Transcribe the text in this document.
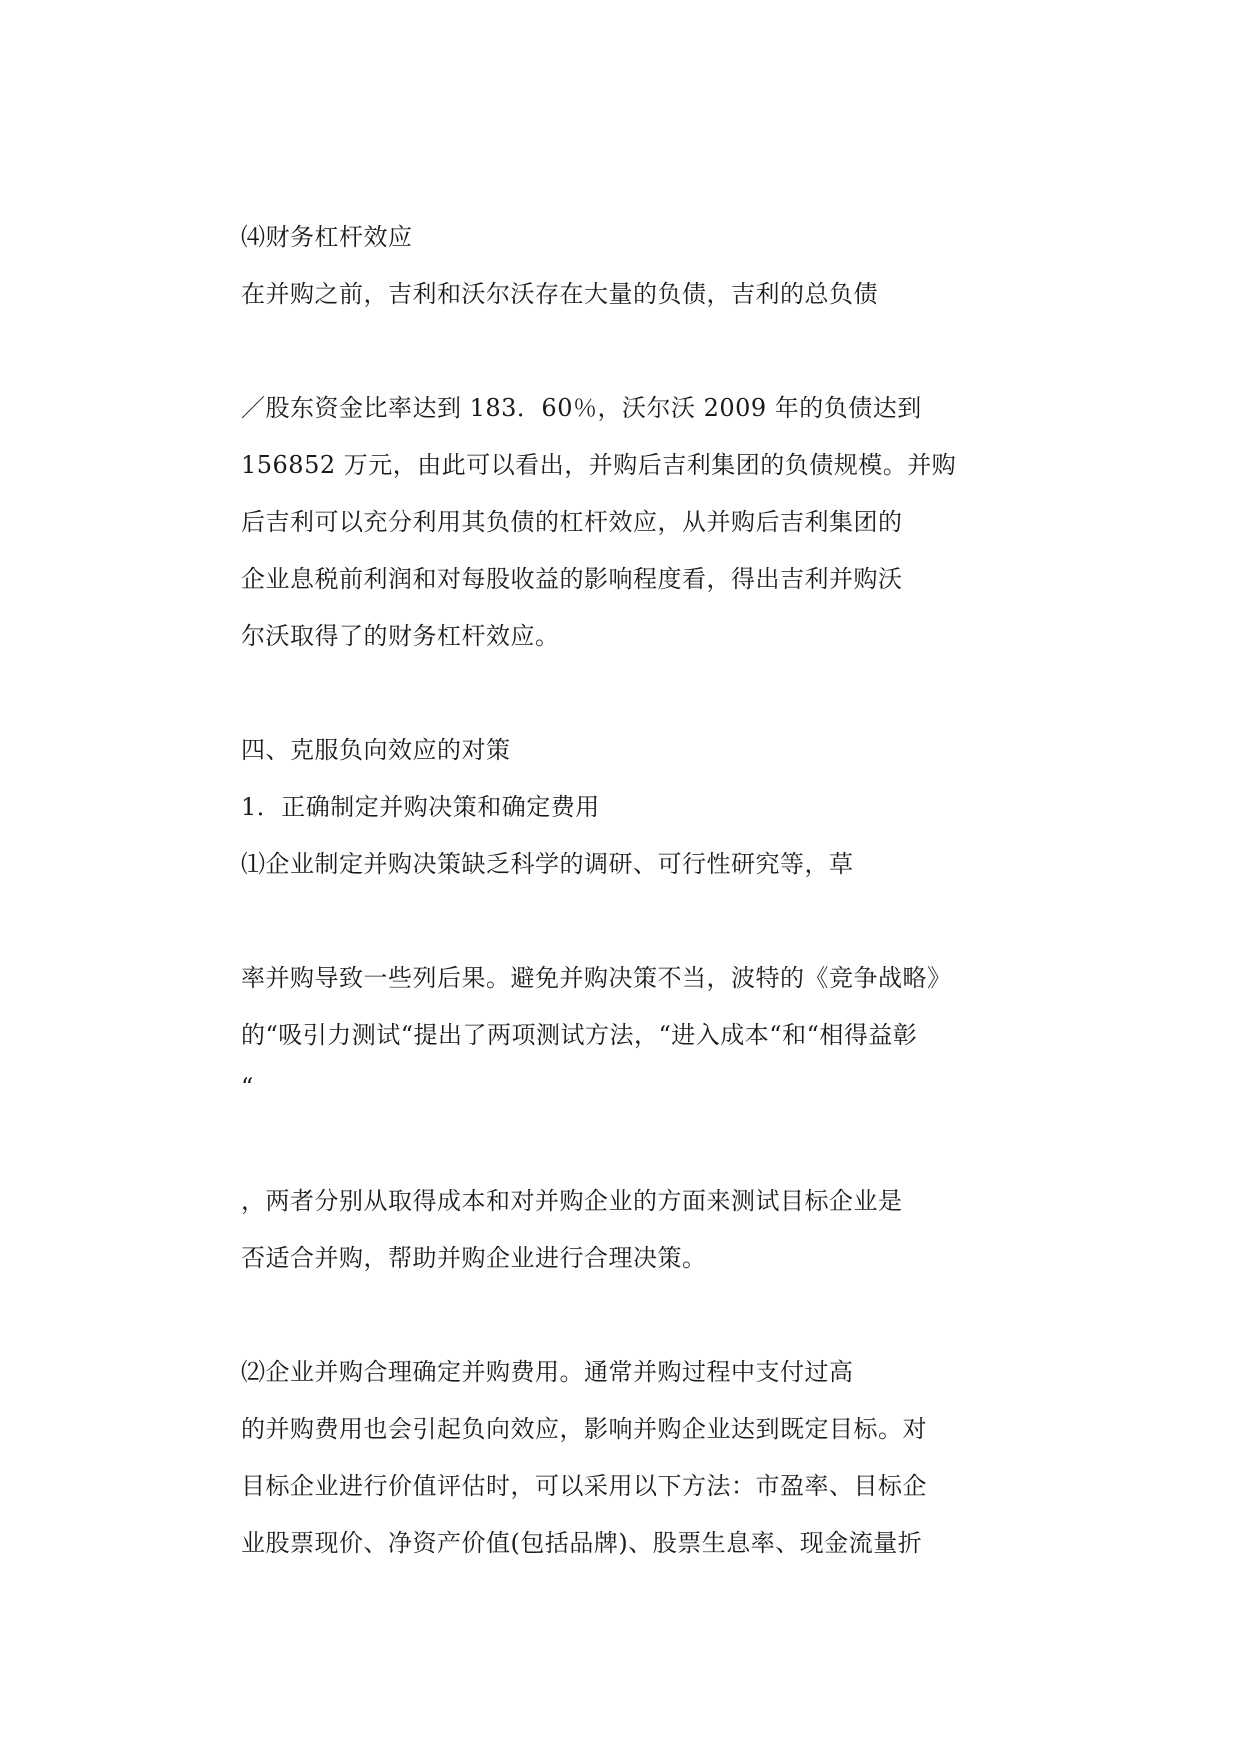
⑷财务杠杆效应
在并购之前，吉利和沃尔沃存在大量的负债，吉利的总负债
／股东资金比率达到 183．60％，沃尔沃 2009 年的负债达到
156852 万元，由此可以看出，并购后吉利集团的负债规模。并购
后吉利可以充分利用其负债的杠杆效应，从并购后吉利集团的
企业息税前利润和对每股收益的影响程度看，得出吉利并购沃
尔沃取得了的财务杠杆效应。
四、克服负向效应的对策
1．正确制定并购决策和确定费用
⑴企业制定并购决策缺乏科学的调研、可行性研究等，草
率并购导致一些列后果。避免并购决策不当，波特的《竞争战略》
的“吸引力测试“提出了两项测试方法，“进入成本“和“相得益彰
“
，两者分别从取得成本和对并购企业的方面来测试目标企业是
否适合并购，帮助并购企业进行合理决策。
⑵企业并购合理确定并购费用。通常并购过程中支付过高
的并购费用也会引起负向效应，影响并购企业达到既定目标。对
目标企业进行价值评估时，可以采用以下方法：市盈率、目标企
业股票现价、净资产价值(包括品牌)、股票生息率、现金流量折
